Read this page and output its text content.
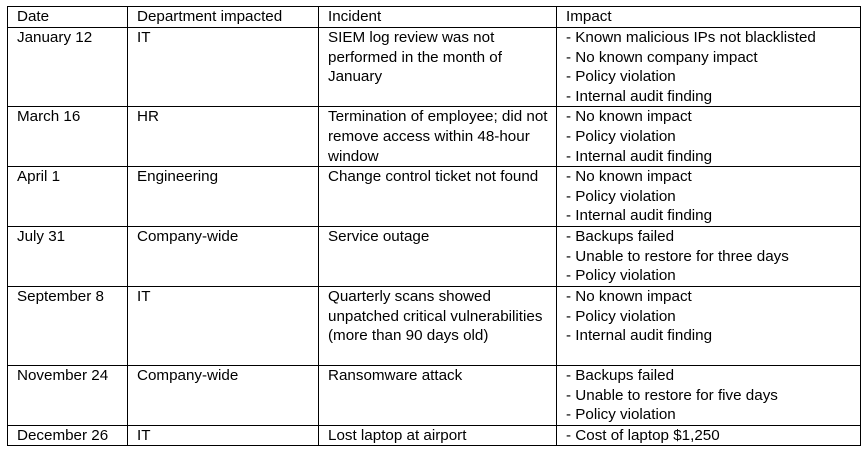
Date	Department impacted	Incident	Impact
January 12	IT	SIEM log review was not performed in the month of January	- Known malicious IPs not blacklisted
- No known company impact
- Policy violation
- Internal audit finding

March 16	HR	Termination of employee; did not remove access within 48-hour window	- No known impact
- Policy violation
- Internal audit finding

April 1	Engineering	Change control ticket not found	- No known impact
- Policy violation
- Internal audit finding

July 31	Company-wide	Service outage	- Backups failed
- Unable to restore for three days
- Policy violation

September 8	IT	Quarterly scans showed unpatched critical vulnerabilities (more than 90 days old)	- No known impact
- Policy violation
- Internal audit finding

November 24	Company-wide	Ransomware attack	- Backups failed
- Unable to restore for five days
- Policy violation

December 26	IT	Lost laptop at airport	- Cost of laptop $1,250
